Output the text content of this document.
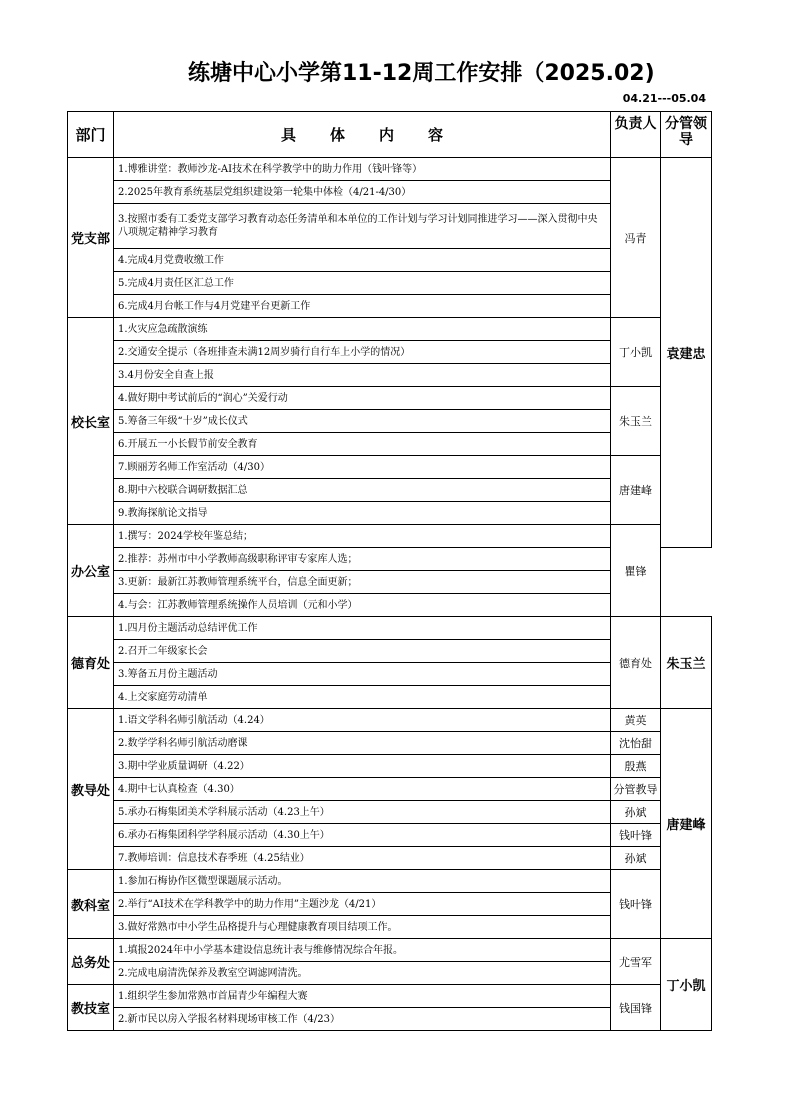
练塘中心小学第11-12周工作安排（2025.02)
04.21---05.04
部门	具体内容	负责人	分管领导
党支部	1.博雅讲堂：教师沙龙-AI技术在科学教学中的助力作用（钱叶锋等）	冯青	袁建忠
	2.2025年教育系统基层党组织建设第一轮集中体检（4/21-4/30）		
	3.按照市委有工委党支部学习教育动态任务清单和本单位的工作计划与学习计划同推进学习——深入贯彻中央八项规定精神学习教育		
	4.完成4月党费收缴工作		
	5.完成4月责任区汇总工作		
	6.完成4月台帐工作与4月党建平台更新工作		
校长室	1.火灾应急疏散演练	丁小凯	
	2.交通安全提示（各班排查未满12周岁骑行自行车上小学的情况）		
	3.4月份安全自查上报		
	4.做好期中考试前后的“润心”关爱行动	朱玉兰	
	5.筹备三年级“十岁”成长仪式		
	6.开展五一小长假节前安全教育		
	7.顾丽芳名师工作室活动（4/30）	唐建峰	
	8.期中六校联合调研数据汇总		
	9.教海探航论文指导		
办公室	1.撰写：2024学校年鉴总结；	瞿锋	
	2.推荐：苏州市中小学教师高级职称评审专家库人选；		
	3.更新：最新江苏教师管理系统平台，信息全面更新；		
	4.与会：江苏教师管理系统操作人员培训（元和小学）		
德育处	1.四月份主题活动总结评优工作	德育处	朱玉兰
	2.召开二年级家长会		
	3.筹备五月份主题活动		
	4.上交家庭劳动清单		
教导处	1.语文学科名师引航活动（4.24）	黄英	唐建峰
	2.数学学科名师引航活动磨课	沈怡甜	
	3.期中学业质量调研（4.22）	殷燕	
	4.期中七认真检查（4.30）	分管教导	
	5.承办石梅集团美术学科展示活动（4.23上午）	孙斌	
	6.承办石梅集团科学学科展示活动（4.30上午）	钱叶锋	
	7.教师培训：信息技术春季班（4.25结业）	孙斌	
教科室	1.参加石梅协作区微型课题展示活动。	钱叶锋	
	2.举行“AI技术在学科教学中的助力作用”主题沙龙（4/21）		
	3.做好常熟市中小学生品格提升与心理健康教育项目结项工作。		
总务处	1.填报2024年中小学基本建设信息统计表与维修情况综合年报。	尤雪军	丁小凯
	2.完成电扇清洗保养及教室空调滤网清洗。		
教技室	1.组织学生参加常熟市首届青少年编程大赛	钱国锋	
	2.新市民以房入学报名材料现场审核工作（4/23）		
